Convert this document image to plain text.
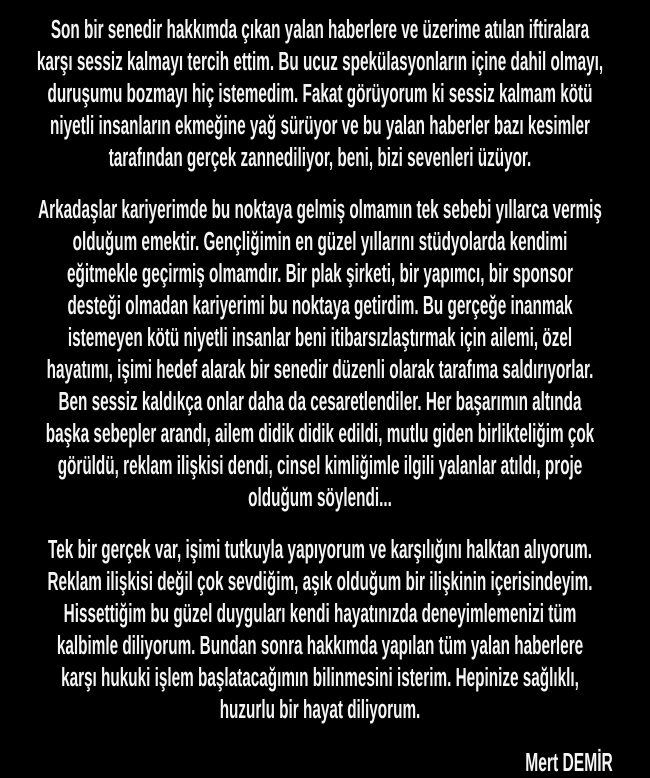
Son bir senedir hakkımda çıkan yalan haberlere ve üzerime atılan iftiralara
karşı sessiz kalmayı tercih ettim. Bu ucuz spekülasyonların içine dahil olmayı,
duruşumu bozmayı hiç istemedim. Fakat görüyorum ki sessiz kalmam kötü
niyetli insanların ekmeğine yağ sürüyor ve bu yalan haberler bazı kesimler
tarafından gerçek zannediliyor, beni, bizi sevenleri üzüyor.
Arkadaşlar kariyerimde bu noktaya gelmiş olmamın tek sebebi yıllarca vermiş
olduğum emektir. Gençliğimin en güzel yıllarını stüdyolarda kendimi
eğitmekle geçirmiş olmamdır. Bir plak şirketi, bir yapımcı, bir sponsor
desteği olmadan kariyerimi bu noktaya getirdim. Bu gerçeğe inanmak
istemeyen kötü niyetli insanlar beni itibarsızlaştırmak için ailemi, özel
hayatımı, işimi hedef alarak bir senedir düzenli olarak tarafıma saldırıyorlar.
Ben sessiz kaldıkça onlar daha da cesaretlendiler. Her başarımın altında
başka sebepler arandı, ailem didik didik edildi, mutlu giden birlikteliğim çok
görüldü, reklam ilişkisi dendi, cinsel kimliğimle ilgili yalanlar atıldı, proje
olduğum söylendi...
Tek bir gerçek var, işimi tutkuyla yapıyorum ve karşılığını halktan alıyorum.
Reklam ilişkisi değil çok sevdiğim, aşık olduğum bir ilişkinin içerisindeyim.
Hissettiğim bu güzel duyguları kendi hayatınızda deneyimlemenizi tüm
kalbimle diliyorum. Bundan sonra hakkımda yapılan tüm yalan haberlere
karşı hukuki işlem başlatacağımın bilinmesini isterim. Hepinize sağlıklı,
huzurlu bir hayat diliyorum.
Mert DEMİR
